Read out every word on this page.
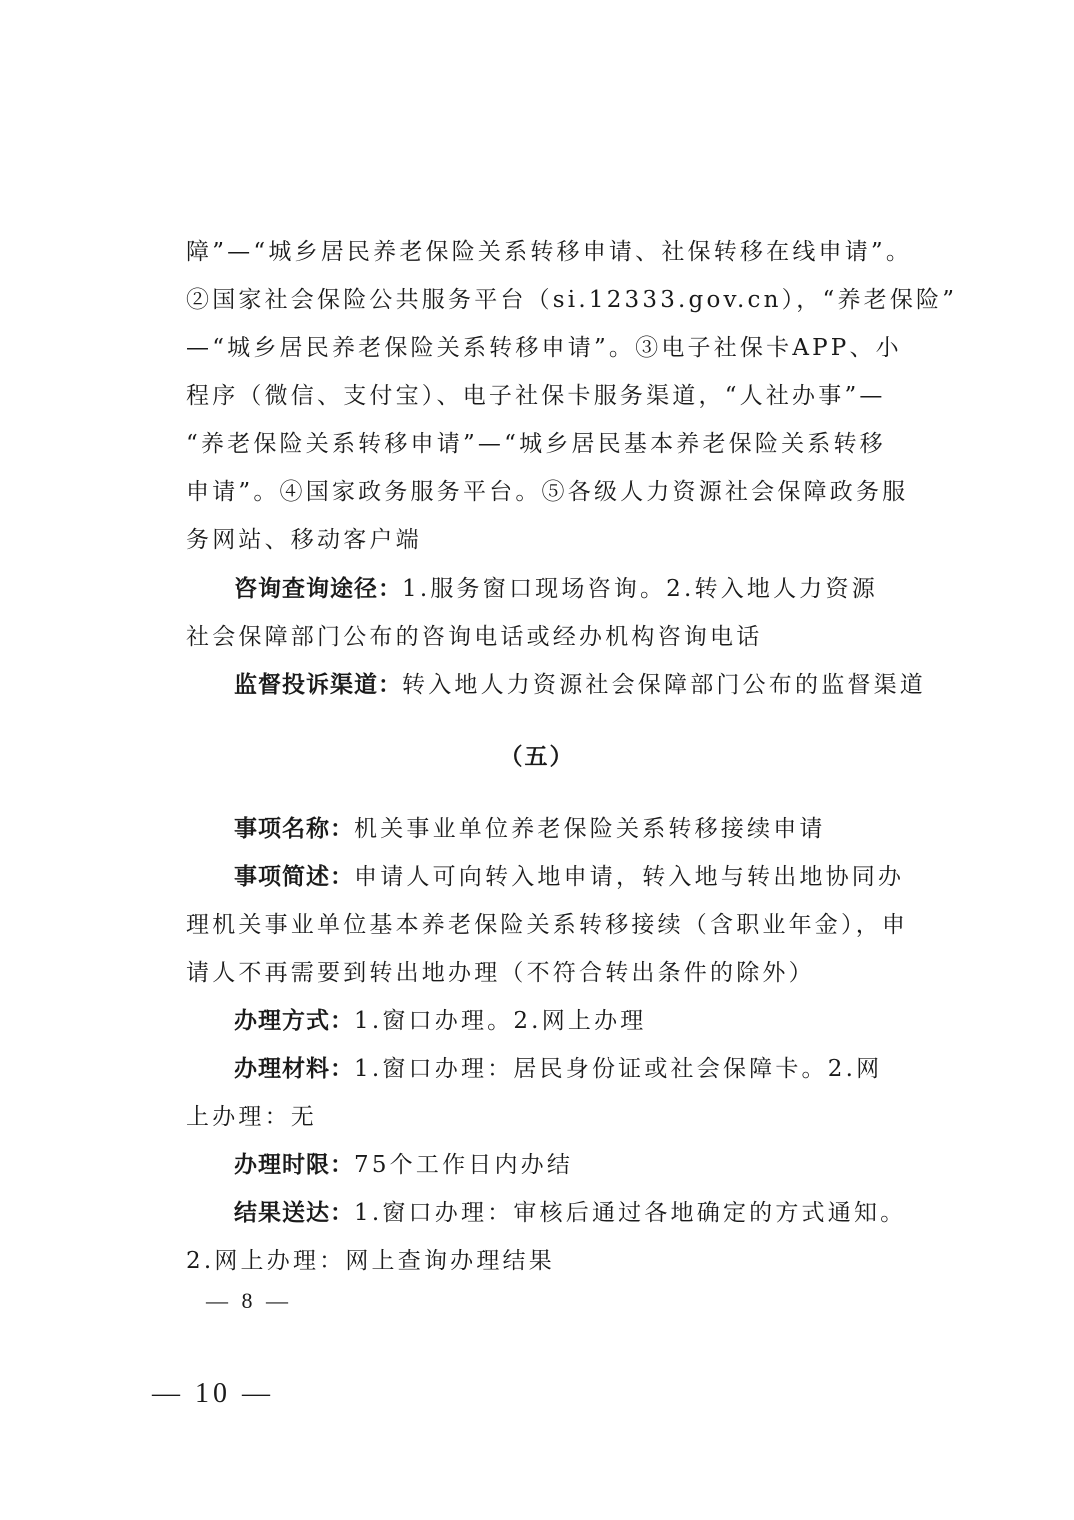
障”—“城乡居民养老保险关系转移申请、社保转移在线申请”。
②国家社会保险公共服务平台（si.12333.gov.cn），“养老保险”
—“城乡居民养老保险关系转移申请”。③电子社保卡APP、小
程序（微信、支付宝）、电子社保卡服务渠道，“人社办事”—
“养老保险关系转移申请”—“城乡居民基本养老保险关系转移
申请”。④国家政务服务平台。⑤各级人力资源社会保障政务服
务网站、移动客户端
咨询查询途径：1.服务窗口现场咨询。2.转入地人力资源
社会保障部门公布的咨询电话或经办机构咨询电话
监督投诉渠道：转入地人力资源社会保障部门公布的监督渠道
（五）
事项名称：机关事业单位养老保险关系转移接续申请
事项简述：申请人可向转入地申请，转入地与转出地协同办
理机关事业单位基本养老保险关系转移接续（含职业年金），申
请人不再需要到转出地办理（不符合转出条件的除外）
办理方式：1.窗口办理。2.网上办理
办理材料：1.窗口办理：居民身份证或社会保障卡。2.网
上办理：无
办理时限：75个工作日内办结
结果送达：1.窗口办理：审核后通过各地确定的方式通知。
2.网上办理：网上查询办理结果
— 8 —
— 10 —
